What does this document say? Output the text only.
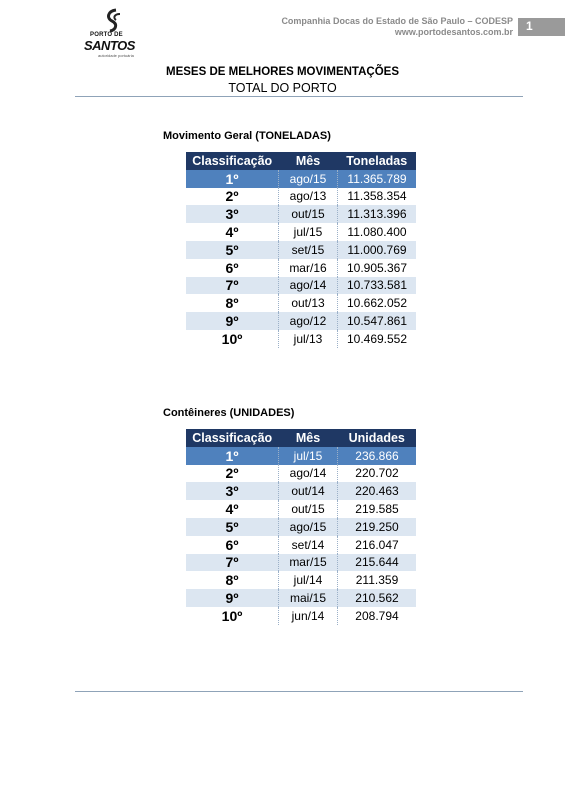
PORTO DE
SANTOS
autoridade portuária
Companhia Docas do Estado de São Paulo – CODESP
www.portodesantos.com.br 1
MESES DE MELHORES MOVIMENTAÇÕES
TOTAL DO PORTO
Movimento Geral (TONELADAS)
Classificação	Mês	Toneladas
1º	ago/15	11.365.789
2º	ago/13	11.358.354
3º	out/15	11.313.396
4º	jul/15	11.080.400
5º	set/15	11.000.769
6º	mar/16	10.905.367
7º	ago/14	10.733.581
8º	out/13	10.662.052
9º	ago/12	10.547.861
10º	jul/13	10.469.552
Contêineres (UNIDADES)
Classificação	Mês	Unidades
1º	jul/15	236.866
2º	ago/14	220.702
3º	out/14	220.463
4º	out/15	219.585
5º	ago/15	219.250
6º	set/14	216.047
7º	mar/15	215.644
8º	jul/14	211.359
9º	mai/15	210.562
10º	jun/14	208.794
